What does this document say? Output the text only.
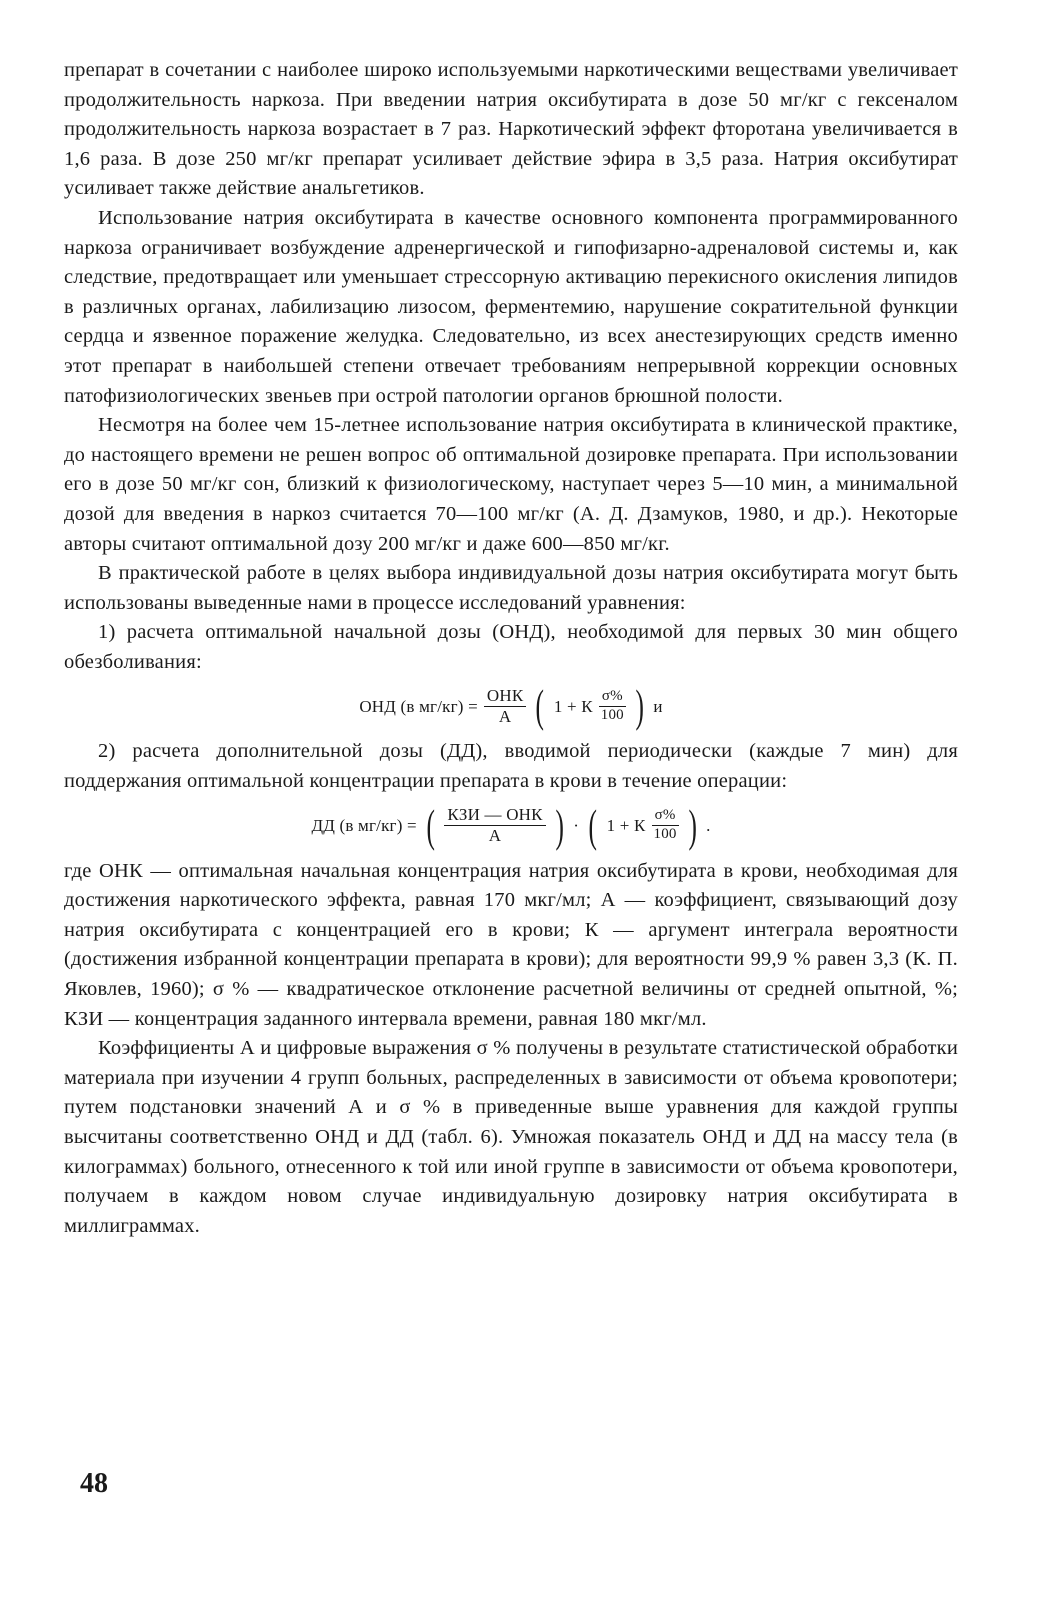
препарат в сочетании с наиболее широко используемыми наркотическими веществами увеличивает продолжительность наркоза. При введении натрия оксибутирата в дозе 50 мг/кг с гексеналом продолжительность наркоза возрастает в 7 раз. Наркотический эффект фторотана увеличивается в 1,6 раза. В дозе 250 мг/кг препарат усиливает действие эфира в 3,5 раза. Натрия оксибутират усиливает также действие анальгетиков.

Использование натрия оксибутирата в качестве основного компонента программированного наркоза ограничивает возбуждение адренергической и гипофизарно-адреналовой системы и, как следствие, предотвращает или уменьшает стрессорную активацию перекисного окисления липидов в различных органах, лабилизацию лизосом, ферментемию, нарушение сократительной функции сердца и язвенное поражение желудка. Следовательно, из всех анестезирующих средств именно этот препарат в наибольшей степени отвечает требованиям непрерывной коррекции основных патофизиологических звеньев при острой патологии органов брюшной полости.

Несмотря на более чем 15-летнее использование натрия оксибутирата в клинической практике, до настоящего времени не решен вопрос об оптимальной дозировке препарата. При использовании его в дозе 50 мг/кг сон, близкий к физиологическому, наступает через 5—10 мин, а минимальной дозой для введения в наркоз считается 70—100 мг/кг (А. Д. Дзамуков, 1980, и др.). Некоторые авторы считают оптимальной дозу 200 мг/кг и даже 600—850 мг/кг.

В практической работе в целях выбора индивидуальной дозы натрия оксибутирата могут быть использованы выведенные нами в процессе исследований уравнения:

1) расчета оптимальной начальной дозы (ОНД), необходимой для первых 30 мин общего обезболивания:

ОНД (в $мг/кг) = \frac{\text{ОНК}}{А}$ ( 1 + К $\frac{\sigma\%}{100}$ ) и

2) расчета дополнительной дозы (ДД), вводимой периодически (каждые 7 мин) для поддержания оптимальной концентрации препарата в крови в течение операции:

ДД (в мг/кг) = ( $\frac{\text{КЗИ — ОНК}}{А}$ ) · ( 1 + К $\frac{\sigma\%}{100}$ ) .

где ОНК — оптимальная начальная концентрация натрия оксибутирата в крови, необходимая для достижения наркотического эффекта, равная 170 мкг/мл; А — коэффициент, связывающий дозу натрия оксибутирата с концентрацией его в крови; К — аргумент интеграла вероятности (достижения избранной концентрации препарата в крови); для вероятности 99,9 % равен 3,3 (К. П. Яковлев, 1960); σ % — квадратическое отклонение расчетной величины от средней опытной, %; КЗИ — концентрация заданного интервала времени, равная 180 мкг/мл.

Коэффициенты А и цифровые выражения σ % получены в результате статистической обработки материала при изучении 4 групп больных, распределенных в зависимости от объема кровопотери; путем подстановки значений А и σ % в приведенные выше уравнения для каждой группы высчитаны соответственно ОНД и ДД (табл. 6). Умножая показатель ОНД и ДД на массу тела (в килограммах) больного, отнесенного к той или иной группе в зависимости от объема кровопотери, получаем в каждом новом случае индивидуальную дозировку натрия оксибутирата в миллиграммах.

48
